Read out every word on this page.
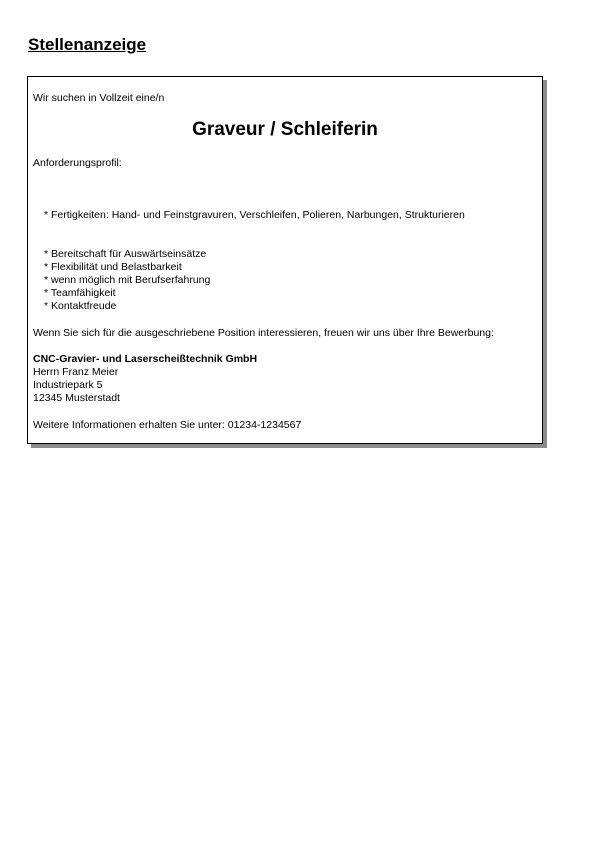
Stellenanzeige
Wir suchen in Vollzeit eine/n
Graveur / Schleiferin
Anforderungsprofil:
* Fertigkeiten: Hand- und Feinstgravuren, Verschleifen, Polieren, Narbungen, Strukturieren
* Bereitschaft für Auswärtseinsätze
* Flexibilität und Belastbarkeit
* wenn möglich mit Berufserfahrung
* Teamfähigkeit
* Kontaktfreude
Wenn Sie sich für die ausgeschriebene Position interessieren, freuen wir uns über Ihre Bewerbung:
CNC-Gravier- und Laserscheißtechnik GmbH
Herrn Franz Meier
Industriepark 5
12345 Musterstadt
Weitere Informationen erhalten Sie unter: 01234-1234567
